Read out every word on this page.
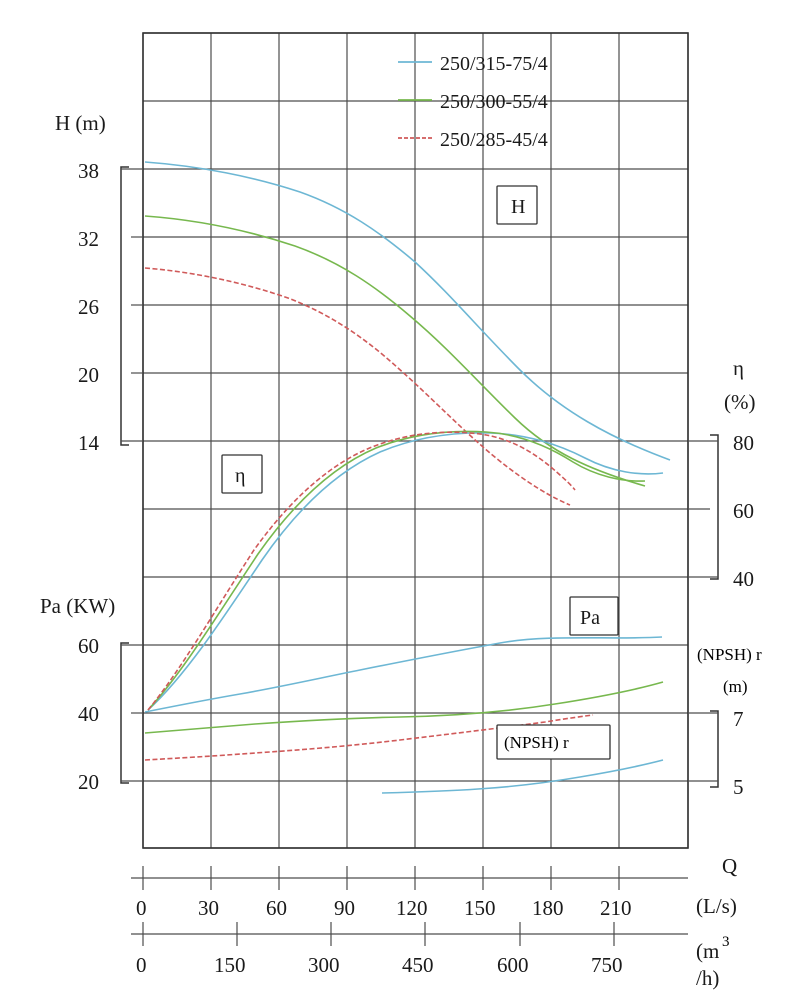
250/315-75/4
250/300-55/4
250/285-45/4
H (m)
38
32
26
20
14
Pa (KW)
60
40
20
η
(%)
80
60
40
(NPSH) r
(m)
7
5
H
η
Pa
(NPSH) r
0 30 60 90 120 150 180 210
Q
(L/s)
0	150	300	450	600	750
(m 3
/h)
